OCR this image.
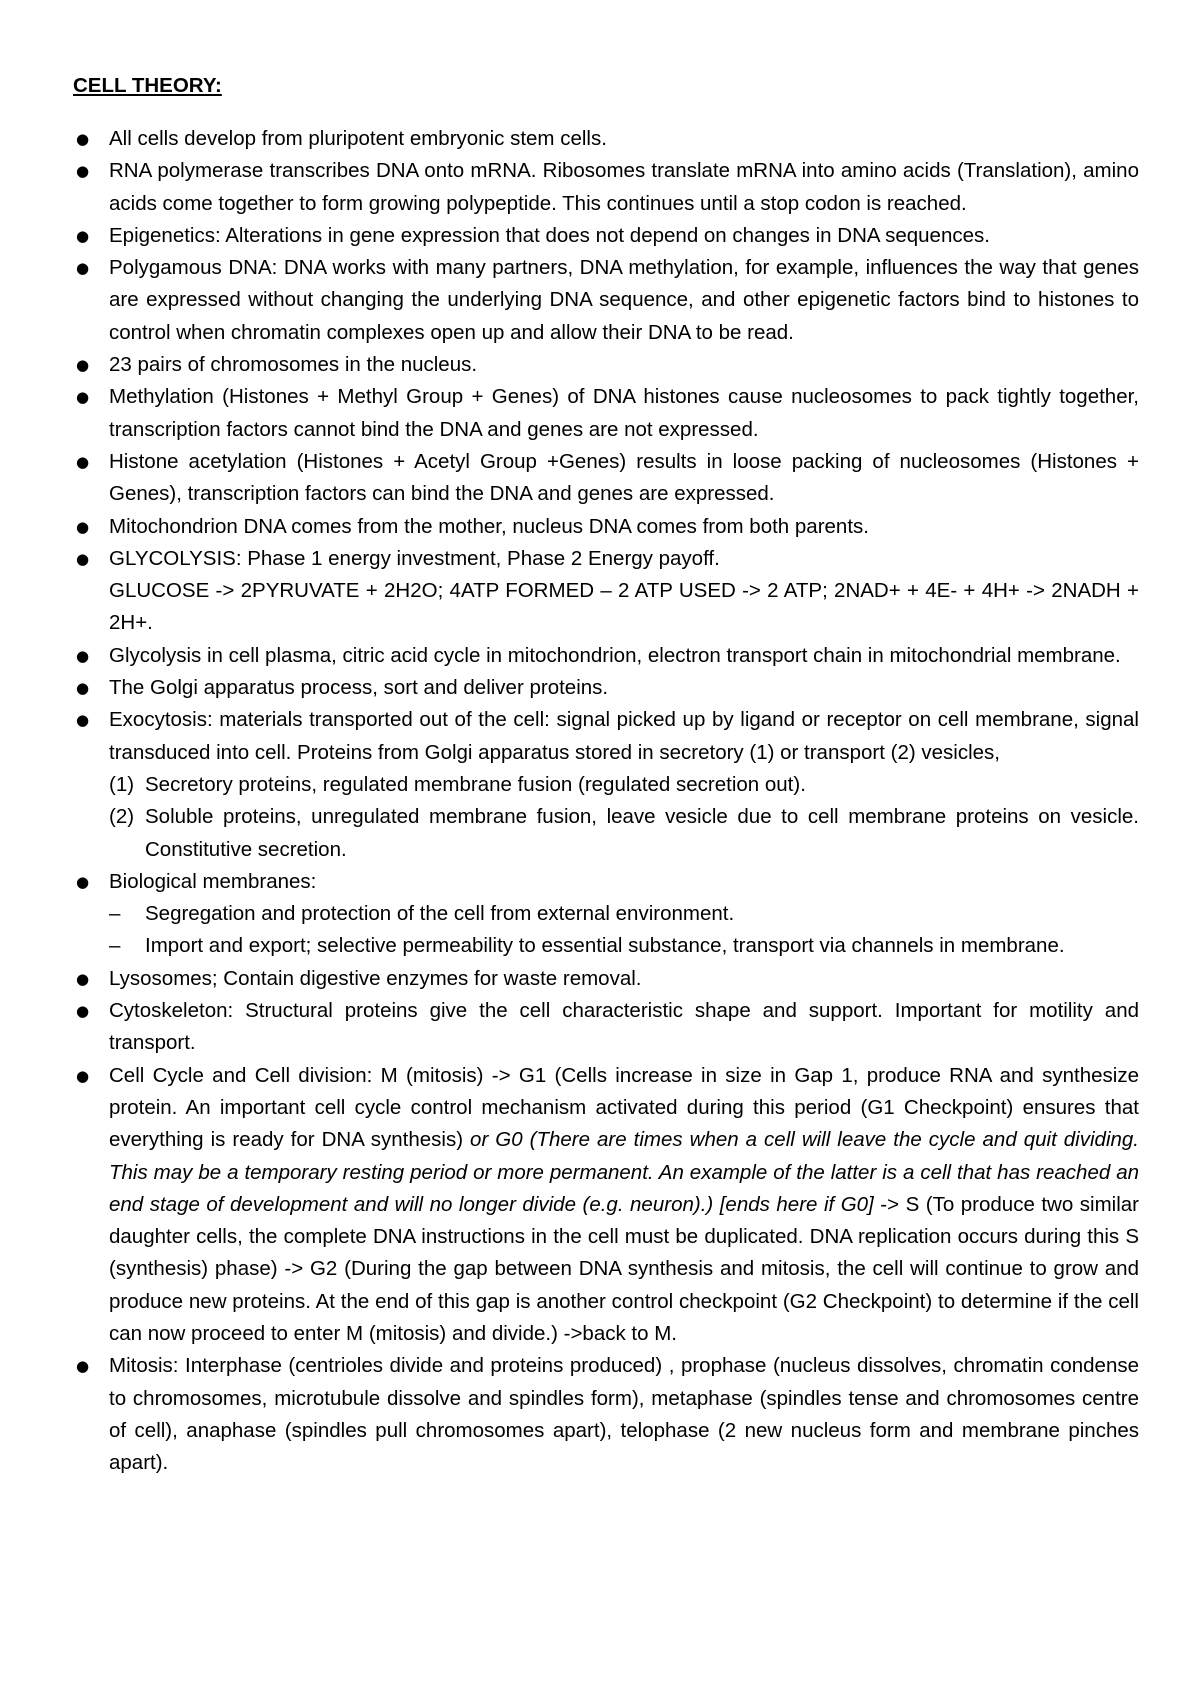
CELL THEORY:
● All cells develop from pluripotent embryonic stem cells.
● RNA polymerase transcribes DNA onto mRNA. Ribosomes translate mRNA into amino acids (Translation), amino acids come together to form growing polypeptide. This continues until a stop codon is reached.
● Epigenetics: Alterations in gene expression that does not depend on changes in DNA sequences.
● Polygamous DNA: DNA works with many partners, DNA methylation, for example, influences the way that genes are expressed without changing the underlying DNA sequence, and other epigenetic factors bind to histones to control when chromatin complexes open up and allow their DNA to be read.
● 23 pairs of chromosomes in the nucleus.
● Methylation (Histones + Methyl Group + Genes) of DNA histones cause nucleosomes to pack tightly together, transcription factors cannot bind the DNA and genes are not expressed.
● Histone acetylation (Histones + Acetyl Group +Genes) results in loose packing of nucleosomes (Histones + Genes), transcription factors can bind the DNA and genes are expressed.
● Mitochondrion DNA comes from the mother, nucleus DNA comes from both parents.
● GLYCOLYSIS: Phase 1 energy investment, Phase 2 Energy payoff.
GLUCOSE -> 2PYRUVATE + 2H2O; 4ATP FORMED – 2 ATP USED -> 2 ATP; 2NAD+ + 4E- + 4H+ -> 2NADH + 2H+.
● Glycolysis in cell plasma, citric acid cycle in mitochondrion, electron transport chain in mitochondrial membrane.
● The Golgi apparatus process, sort and deliver proteins.
● Exocytosis: materials transported out of the cell: signal picked up by ligand or receptor on cell membrane, signal transduced into cell. Proteins from Golgi apparatus stored in secretory (1) or transport (2) vesicles,
(1) Secretory proteins, regulated membrane fusion (regulated secretion out).
(2) Soluble proteins, unregulated membrane fusion, leave vesicle due to cell membrane proteins on vesicle. Constitutive secretion.
● Biological membranes:
– Segregation and protection of the cell from external environment.
– Import and export; selective permeability to essential substance, transport via channels in membrane.
● Lysosomes; Contain digestive enzymes for waste removal.
● Cytoskeleton: Structural proteins give the cell characteristic shape and support. Important for motility and transport.
● Cell Cycle and Cell division: M (mitosis) -> G1 (Cells increase in size in Gap 1, produce RNA and synthesize protein. An important cell cycle control mechanism activated during this period (G1 Checkpoint) ensures that everything is ready for DNA synthesis) or G0 (There are times when a cell will leave the cycle and quit dividing. This may be a temporary resting period or more permanent. An example of the latter is a cell that has reached an end stage of development and will no longer divide (e.g. neuron).) [ends here if G0] -> S (To produce two similar daughter cells, the complete DNA instructions in the cell must be duplicated. DNA replication occurs during this S (synthesis) phase) -> G2 (During the gap between DNA synthesis and mitosis, the cell will continue to grow and produce new proteins. At the end of this gap is another control checkpoint (G2 Checkpoint) to determine if the cell can now proceed to enter M (mitosis) and divide.) ->back to M.
● Mitosis: Interphase (centrioles divide and proteins produced) , prophase (nucleus dissolves, chromatin condense to chromosomes, microtubule dissolve and spindles form), metaphase (spindles tense and chromosomes centre of cell), anaphase (spindles pull chromosomes apart), telophase (2 new nucleus form and membrane pinches apart).
